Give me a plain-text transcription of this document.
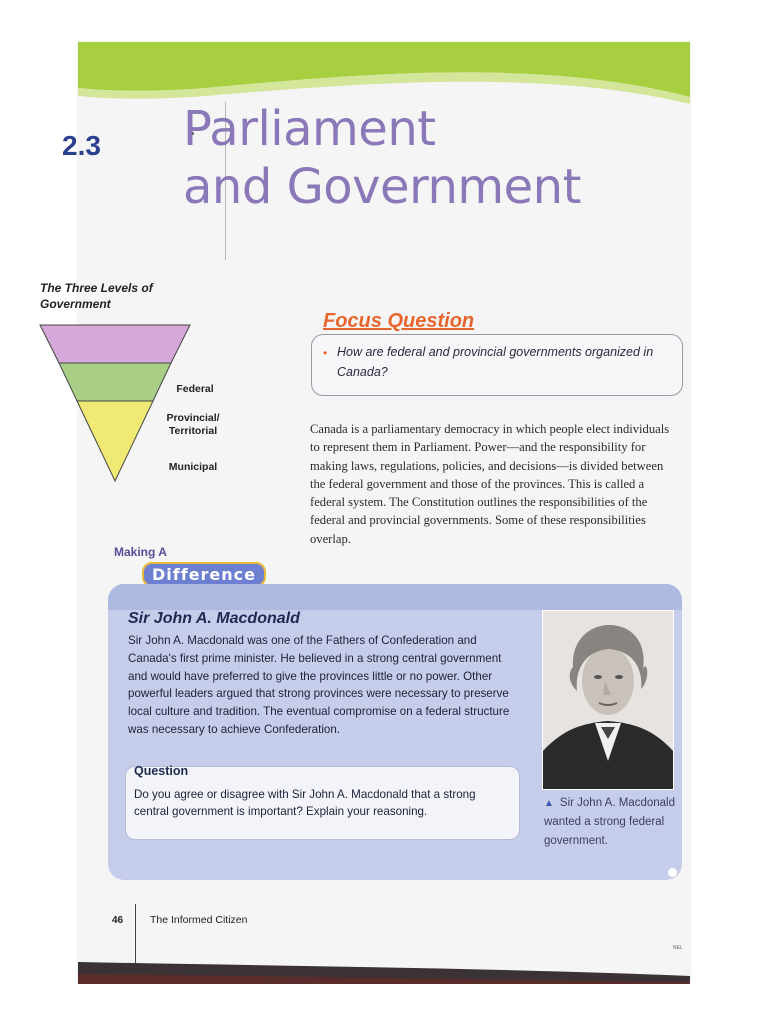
2.3 Parliament
and Government
The Three Levels of Government
Federal
Provincial/ Territorial
Municipal
Focus Question
• How are federal and provincial governments organized in Canada?
Canada is a parliamentary democracy in which people elect individuals to represent them in Parliament. Power—and the responsibility for making laws, regulations, policies, and decisions—is divided between the federal government and those of the provinces. This is called a federal system. The Constitution outlines the responsibilities of the federal and provincial governments. Some of these responsibilities overlap.
Making A
Difference
Sir John A. Macdonald
Sir John A. Macdonald was one of the Fathers of Confederation and Canada's first prime minister. He believed in a strong central government and would have preferred to give the provinces little or no power. Other powerful leaders argued that strong provinces were necessary to preserve local culture and tradition. The eventual compromise on a federal structure was necessary to achieve Confederation.
Question
Do you agree or disagree with Sir John A. Macdonald that a strong central government is important? Explain your reasoning.
▲ Sir John A. Macdonald wanted a strong federal government.
46	The Informed Citizen
NEL
